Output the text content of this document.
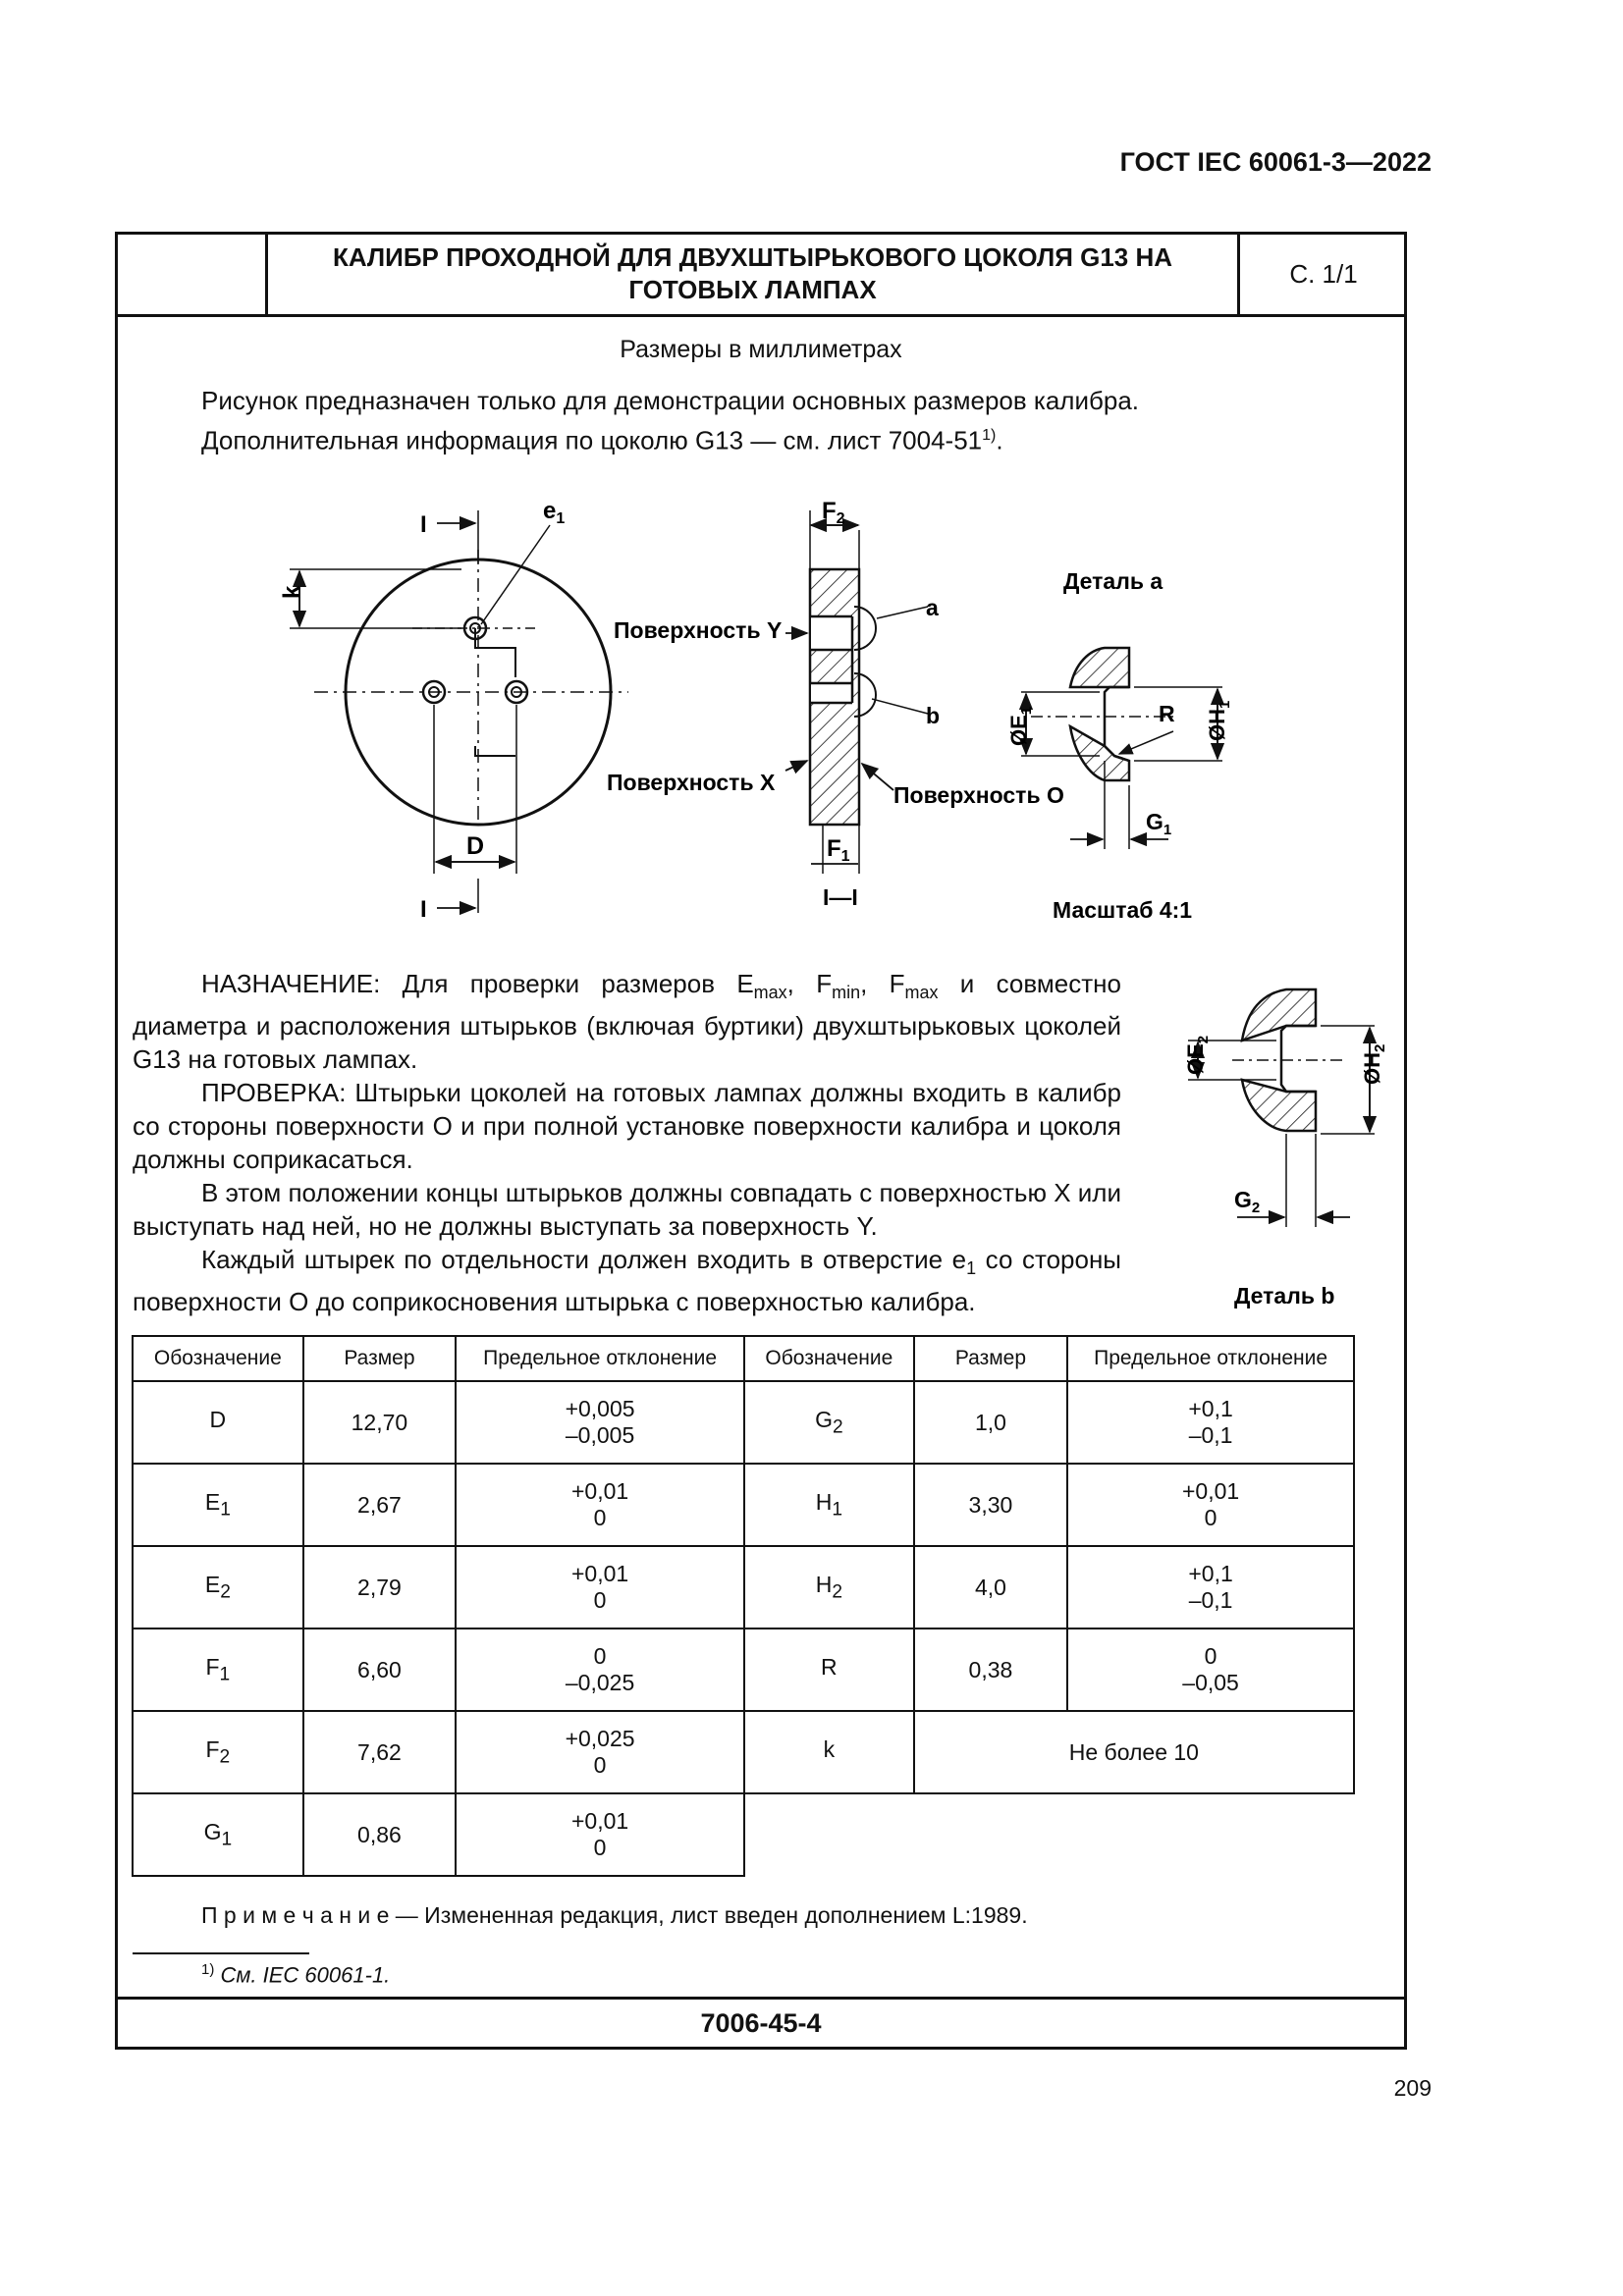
ГОСТ IEC 60061-3—2022
КАЛИБР ПРОХОДНОЙ ДЛЯ ДВУХШТЫРЬКОВОГО ЦОКОЛЯ G13 НА ГОТОВЫХ ЛАМПАХ
С. 1/1
Размеры в миллиметрах
Рисунок предназначен только для демонстрации основных размеров калибра.
Дополнительная информация по цоколю G13 — см. лист 7004-51$^{1)}$.
I
I
$e_1$
k
D
$F_2$
$F_1$
I—I
Поверхность Y
Поверхность X	Поверхность O
a
b
Деталь a
$ØE_1$	R $ØH_1$
$G_1$
Масштаб 4:1
$ØE_2$
$ØH_2$
$G_2$
Деталь b

НАЗНАЧЕНИЕ: Для проверки размеров $E_{max}$, $F_{min}$, $F_{max}$ и совместно диаметра и расположения штырьков (включая буртики) двухштырьковых цоколей G13 на готовых лампах.

ПРОВЕРКА: Штырьки цоколей на готовых лампах должны входить в калибр со стороны поверхности О и при полной установке поверхности калибра и цоколя должны соприкасаться.

В этом положении концы штырьков должны совпадать с поверхностью X или выступать над ней, но не должны выступать за поверхность Y.

Каждый штырек по отдельности должен входить в отверстие $e_1$ со стороны поверхности О до соприкосновения штырька с поверхностью калибра.

Обозначение	Размер	Предельное отклонение
D	12,70	+0,005
–0,005

$E_1$	2,67	+0,01
0

$E_2$	2,79	+0,01
0

$F_1$	6,60	0
–0,025

$F_2$	7,62	+0,025
0

$G_1$	0,86	+0,01
0
Обозначение	Размер	Предельное отклонение
$G_2$	1,0	+0,1
–0,1

$H_1$	3,30	+0,01
0

$H_2$	4,0	+0,1
–0,1

R	0,38	0
–0,05

k	Не более 10	
П р и м е ч а н и е — Измененная редакция, лист введен дополнением L:1989.
$^{1)}$ См. IEC 60061-1.
7006-45-4
209
